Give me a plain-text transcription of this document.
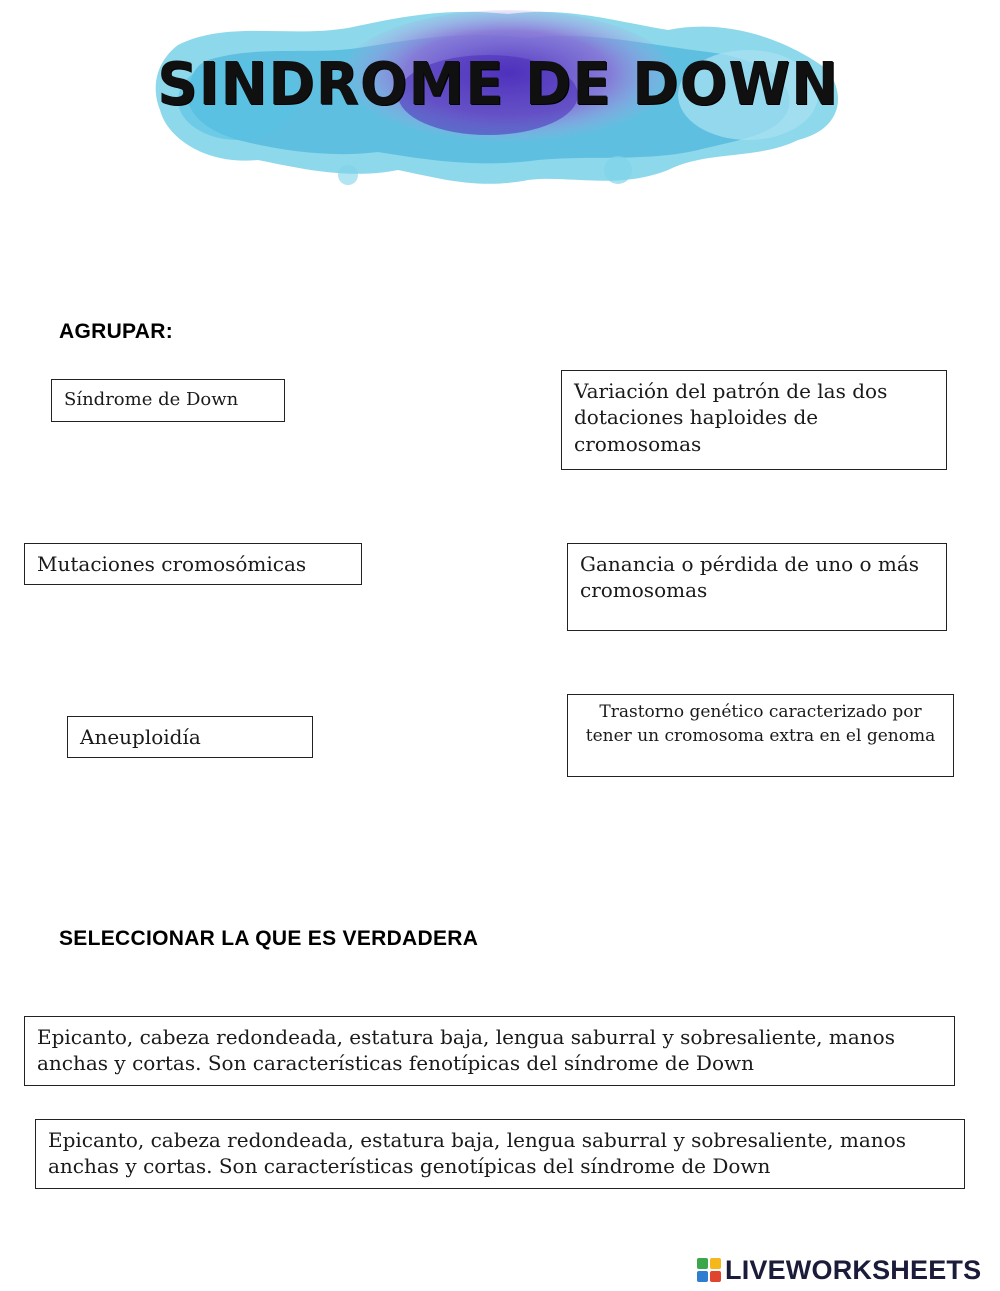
SINDROME DE DOWN
AGRUPAR:
Síndrome de Down	Variación del patrón de las dos dotaciones haploides de cromosomas
Mutaciones cromosómicas	Ganancia o pérdida de uno o más cromosomas
Aneuploidía
Trastorno genético caracterizado por tener un cromosoma extra en el genoma
SELECCIONAR LA QUE ES VERDADERA
Epicanto, cabeza redondeada, estatura baja, lengua saburral y sobresaliente, manos anchas y cortas. Son características fenotípicas del síndrome de Down
Epicanto, cabeza redondeada, estatura baja, lengua saburral y sobresaliente, manos anchas y cortas. Son características genotípicas del síndrome de Down
LIVEWORKSHEETS
